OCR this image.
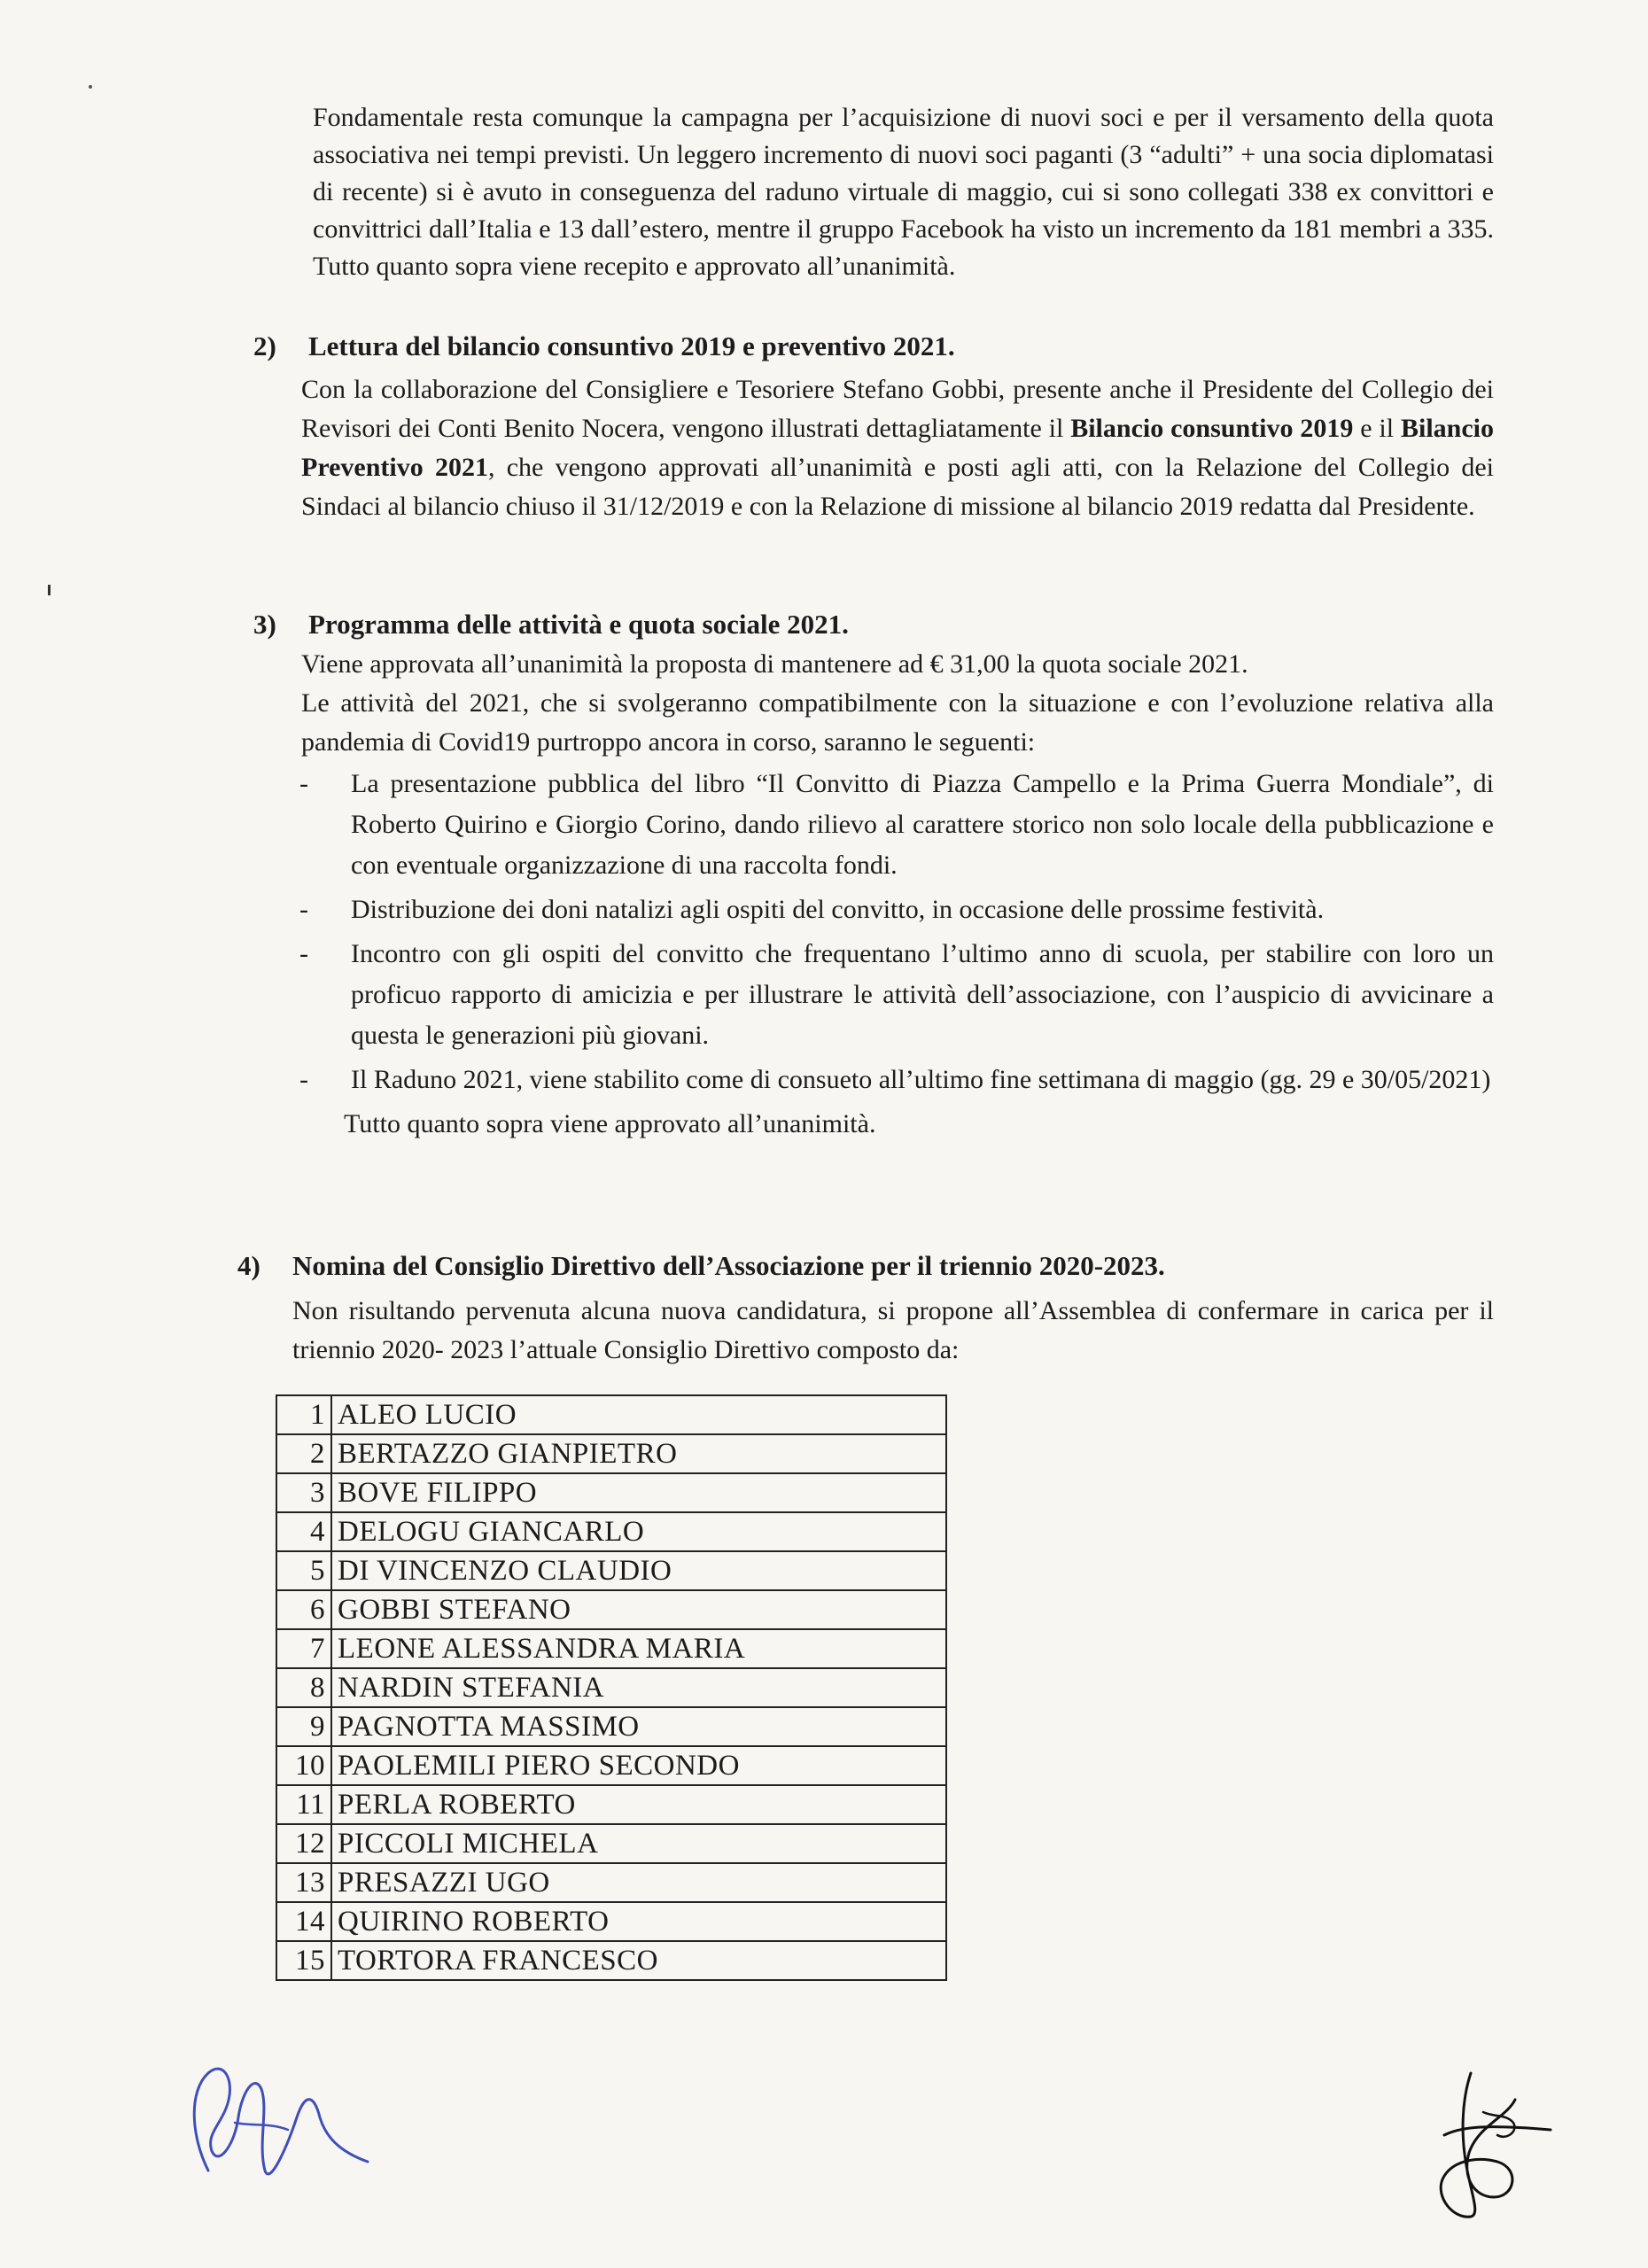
Fondamentale resta comunque la campagna per l’acquisizione di nuovi soci e per il versamento della quota associativa nei tempi previsti. Un leggero incremento di nuovi soci paganti (3 “adulti” + una socia diplomatasi di recente) si è avuto in conseguenza del raduno virtuale di maggio, cui si sono collegati 338 ex convittori e convittrici dall’Italia e 13 dall’estero, mentre il gruppo Facebook ha visto un incremento da 181 membri a 335. Tutto quanto sopra viene recepito e approvato all’unanimità.

2) Lettura del bilancio consuntivo 2019 e preventivo 2021.

Con la collaborazione del Consigliere e Tesoriere Stefano Gobbi, presente anche il Presidente del Collegio dei Revisori dei Conti Benito Nocera, vengono illustrati dettagliatamente il Bilancio consuntivo 2019 e il Bilancio Preventivo 2021, che vengono approvati all’unanimità e posti agli atti, con la Relazione del Collegio dei Sindaci al bilancio chiuso il 31/12/2019 e con la Relazione di missione al bilancio 2019 redatta dal Presidente.

3) Programma delle attività e quota sociale 2021.

Viene approvata all’unanimità la proposta di mantenere ad € 31,00 la quota sociale 2021.

Le attività del 2021, che si svolgeranno compatibilmente con la situazione e con l’evoluzione relativa alla pandemia di Covid19 purtroppo ancora in corso, saranno le seguenti:

-	La presentazione pubblica del libro “Il Convitto di Piazza Campello e la Prima Guerra Mondiale”, di Roberto Quirino e Giorgio Corino, dando rilievo al carattere storico non solo locale della pubblicazione e con eventuale organizzazione di una raccolta fondi.
-	Distribuzione dei doni natalizi agli ospiti del convitto, in occasione delle prossime festività.
-	Incontro con gli ospiti del convitto che frequentano l’ultimo anno di scuola, per stabilire con loro un proficuo rapporto di amicizia e per illustrare le attività dell’associazione, con l’auspicio di avvicinare a questa le generazioni più giovani.
-	Il Raduno 2021, viene stabilito come di consueto all’ultimo fine settimana di maggio (gg. 29 e 30/05/2021)
Tutto quanto sopra viene approvato all’unanimità.
4) Nomina del Consiglio Direttivo dell’Associazione per il triennio 2020-2023.

Non risultando pervenuta alcuna nuova candidatura, si propone all’Assemblea di confermare in carica per il triennio 2020- 2023 l’attuale Consiglio Direttivo composto da:

1	ALEO LUCIO
2	BERTAZZO GIANPIETRO
3	BOVE FILIPPO
4	DELOGU GIANCARLO
5	DI VINCENZO CLAUDIO
6	GOBBI STEFANO
7	LEONE ALESSANDRA MARIA
8	NARDIN STEFANIA
9	PAGNOTTA MASSIMO
10	PAOLEMILI PIERO SECONDO
11	PERLA ROBERTO
12	PICCOLI MICHELA
13	PRESAZZI UGO
14	QUIRINO ROBERTO
15	TORTORA FRANCESCO
